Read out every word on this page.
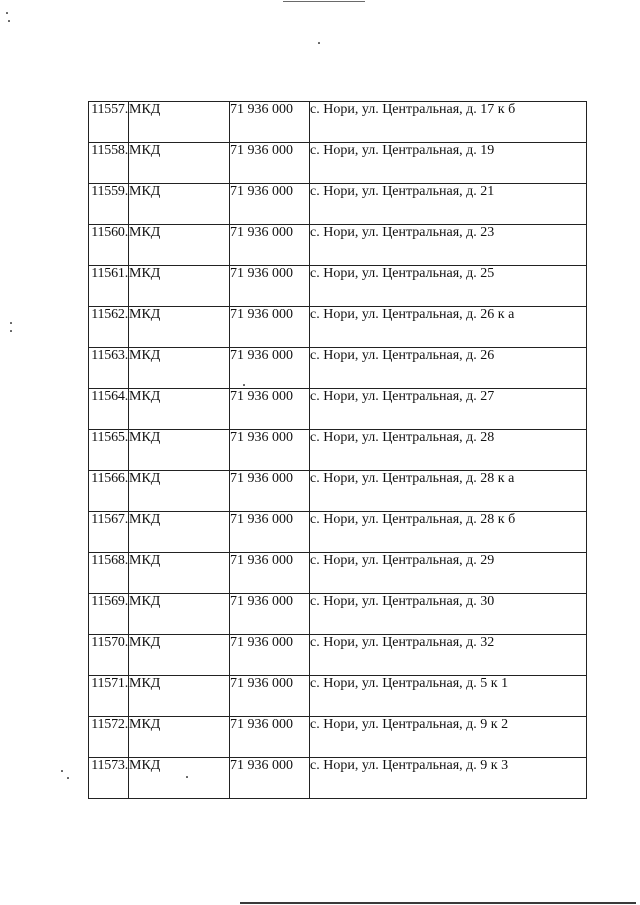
11557.	МКД	71 936 000	с. Нори, ул. Центральная, д. 17 к б
11558.	МКД	71 936 000	с. Нори, ул. Центральная, д. 19
11559.	МКД	71 936 000	с. Нори, ул. Центральная, д. 21
11560.	МКД	71 936 000	с. Нори, ул. Центральная, д. 23
11561.	МКД	71 936 000	с. Нори, ул. Центральная, д. 25
11562.	МКД	71 936 000	с. Нори, ул. Центральная, д. 26 к а
11563.	МКД	71 936 000	с. Нори, ул. Центральная, д. 26
11564.	МКД	71 936 000	с. Нори, ул. Центральная, д. 27
11565.	МКД	71 936 000	с. Нори, ул. Центральная, д. 28
11566.	МКД	71 936 000	с. Нори, ул. Центральная, д. 28 к а
11567.	МКД	71 936 000	с. Нори, ул. Центральная, д. 28 к б
11568.	МКД	71 936 000	с. Нори, ул. Центральная, д. 29
11569.	МКД	71 936 000	с. Нори, ул. Центральная, д. 30
11570.	МКД	71 936 000	с. Нори, ул. Центральная, д. 32
11571.	МКД	71 936 000	с. Нори, ул. Центральная, д. 5 к 1
11572.	МКД	71 936 000	с. Нори, ул. Центральная, д. 9 к 2
11573.	МКД	71 936 000	с. Нори, ул. Центральная, д. 9 к 3
